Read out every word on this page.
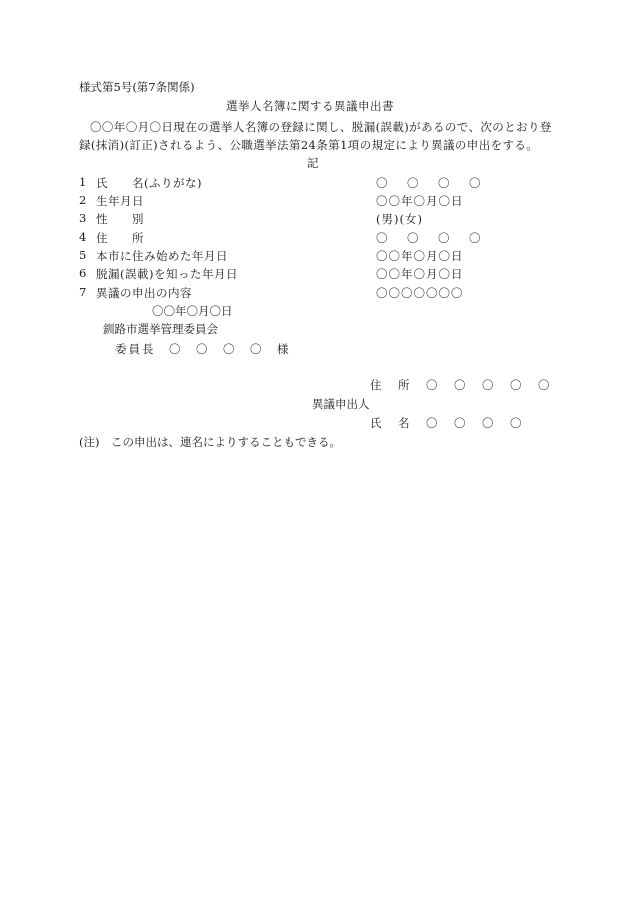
様式第5号(第7条関係)
選挙人名簿に関する異議申出書
〇〇年〇月〇日現在の選挙人名簿の登録に関し、脱漏(誤載)があるので、次のとおり登
録(抹消)(訂正)されるよう、公職選挙法第24条第1項の規定により異議の申出をする。
記
1 氏　　名(ふりがな)	〇　〇　〇　〇
2 生年月日	〇〇年〇月〇日
3 性　　別	(男)(女)
4 住　　所	〇　〇　〇　〇
5 本市に住み始めた年月日	〇〇年〇月〇日
6 脱漏(誤載)を知った年月日	〇〇年〇月〇日
7 異議の申出の内容	〇〇〇〇〇〇〇
〇〇年〇月〇日
釧路市選挙管理委員会
委員長　〇　〇　〇　〇　様
住　所　〇　〇　〇　〇　〇
異議申出人
氏　名　〇　〇　〇　〇
(注)　この申出は、連名によりすることもできる。
